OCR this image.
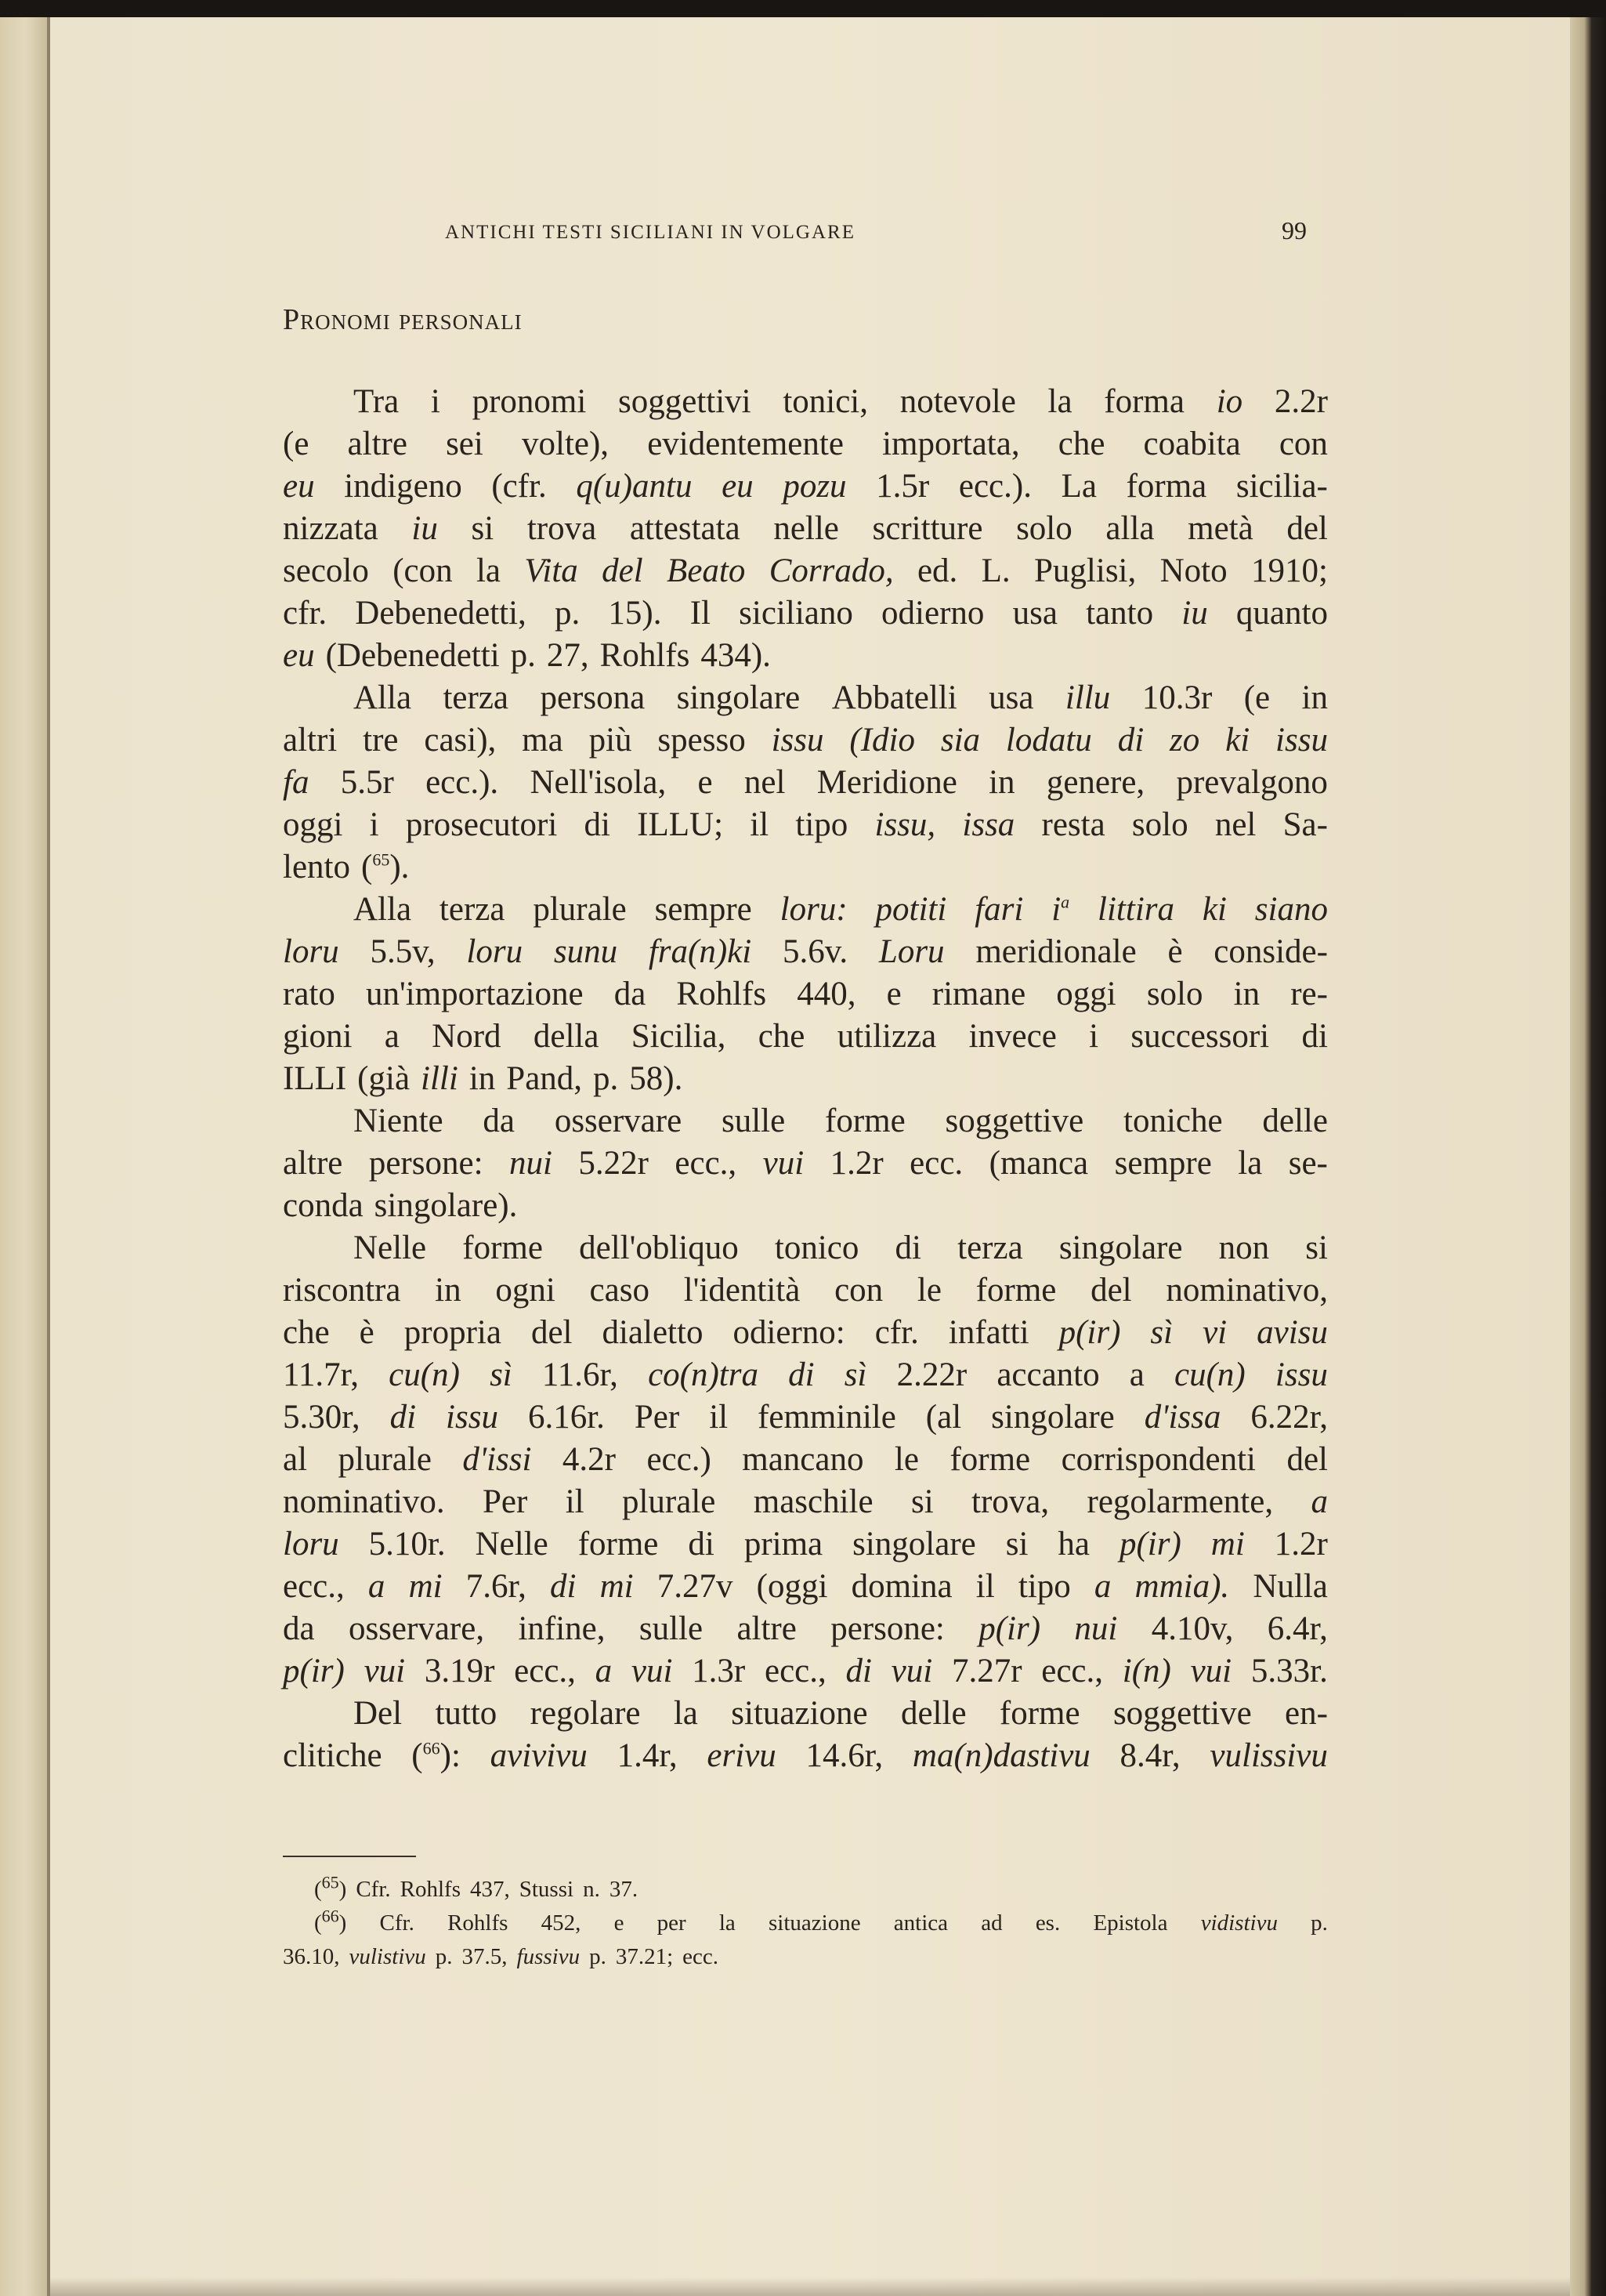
ANTICHI TESTI SICILIANI IN VOLGARE	99
Pronomi personali
Tra i pronomi soggettivi tonici, notevole la forma io 2.2r
(e altre sei volte), evidentemente importata, che coabita con
eu indigeno (cfr. q(u)antu eu pozu 1.5r ecc.). La forma sicilia-
nizzata iu si trova attestata nelle scritture solo alla metà del
secolo (con la Vita del Beato Corrado, ed. L. Puglisi, Noto 1910;
cfr. Debenedetti, p. 15). Il siciliano odierno usa tanto iu quanto
eu (Debenedetti p. 27, Rohlfs 434).
Alla terza persona singolare Abbatelli usa illu 10.3r (e in
altri tre casi), ma più spesso issu (Idio sia lodatu di zo ki issu
fa 5.5r ecc.). Nell'isola, e nel Meridione in genere, prevalgono
oggi i prosecutori di ILLU; il tipo issu, issa resta solo nel Sa-
lento ($^{65}$).
Alla terza plurale sempre loru: potiti fari $i^a$ littira ki siano
loru 5.5v, loru sunu fra(n)ki 5.6v. Loru meridionale è conside-
rato un'importazione da Rohlfs 440, e rimane oggi solo in re-
gioni a Nord della Sicilia, che utilizza invece i successori di
ILLI (già illi in Pand, p. 58).
Niente da osservare sulle forme soggettive toniche delle
altre persone: nui 5.22r ecc., vui 1.2r ecc. (manca sempre la se-
conda singolare).
Nelle forme dell'obliquo tonico di terza singolare non si
riscontra in ogni caso l'identità con le forme del nominativo,
che è propria del dialetto odierno: cfr. infatti p(ir) sì vi avisu
11.7r, cu(n) sì 11.6r, co(n)tra di sì 2.22r accanto a cu(n) issu
5.30r, di issu 6.16r. Per il femminile (al singolare d'issa 6.22r,
al plurale d'issi 4.2r ecc.) mancano le forme corrispondenti del
nominativo. Per il plurale maschile si trova, regolarmente, a
loru 5.10r. Nelle forme di prima singolare si ha p(ir) mi 1.2r
ecc., a mi 7.6r, di mi 7.27v (oggi domina il tipo a mmia). Nulla
da osservare, infine, sulle altre persone: p(ir) nui 4.10v, 6.4r,
p(ir) vui 3.19r ecc., a vui 1.3r ecc., di vui 7.27r ecc., i(n) vui 5.33r.
Del tutto regolare la situazione delle forme soggettive en-
clitiche ($^{66}$): avivivu 1.4r, erivu 14.6r, ma(n)dastivu 8.4r, vulissivu
($^{65}$) Cfr. Rohlfs 437, Stussi n. 37.
($^{66}$) Cfr. Rohlfs 452, e per la situazione antica ad es. Epistola vidistivu p.
36.10, vulistivu p. 37.5, fussivu p. 37.21; ecc.
